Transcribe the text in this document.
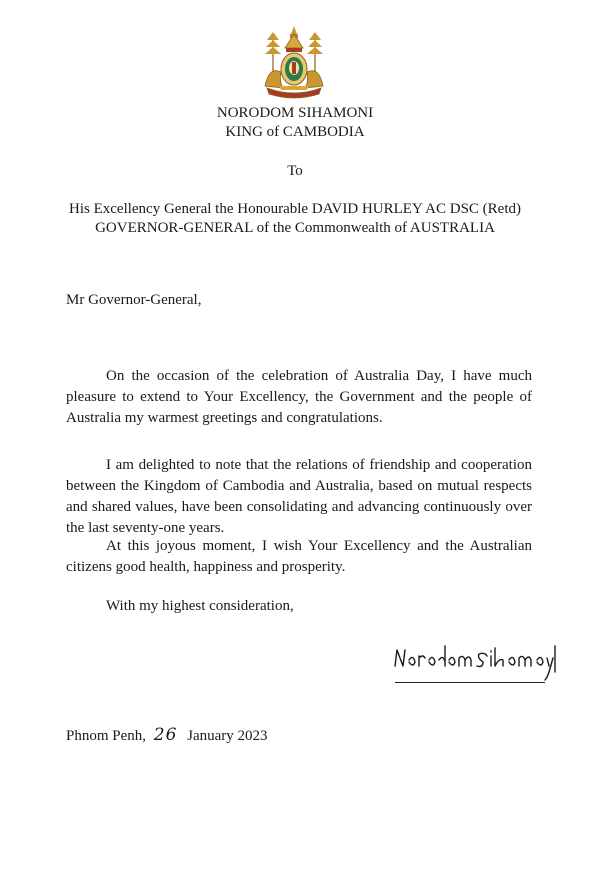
NORODOM SIHAMONI
KING of CAMBODIA
To
His Excellency General the Honourable DAVID HURLEY AC DSC (Retd)
GOVERNOR-GENERAL of the Commonwealth of AUSTRALIA
Mr Governor-General,
On the occasion of the celebration of Australia Day, I have much pleasure to extend to Your Excellency, the Government and the people of Australia my warmest greetings and congratulations.
I am delighted to note that the relations of friendship and cooperation between the Kingdom of Cambodia and Australia, based on mutual respects and shared values, have been consolidating and advancing continuously over the last seventy-one years.
At this joyous moment, I wish Your Excellency and the Australian citizens good health, happiness and prosperity.
With my highest consideration,
Phnom Penh, 26 January 2023
